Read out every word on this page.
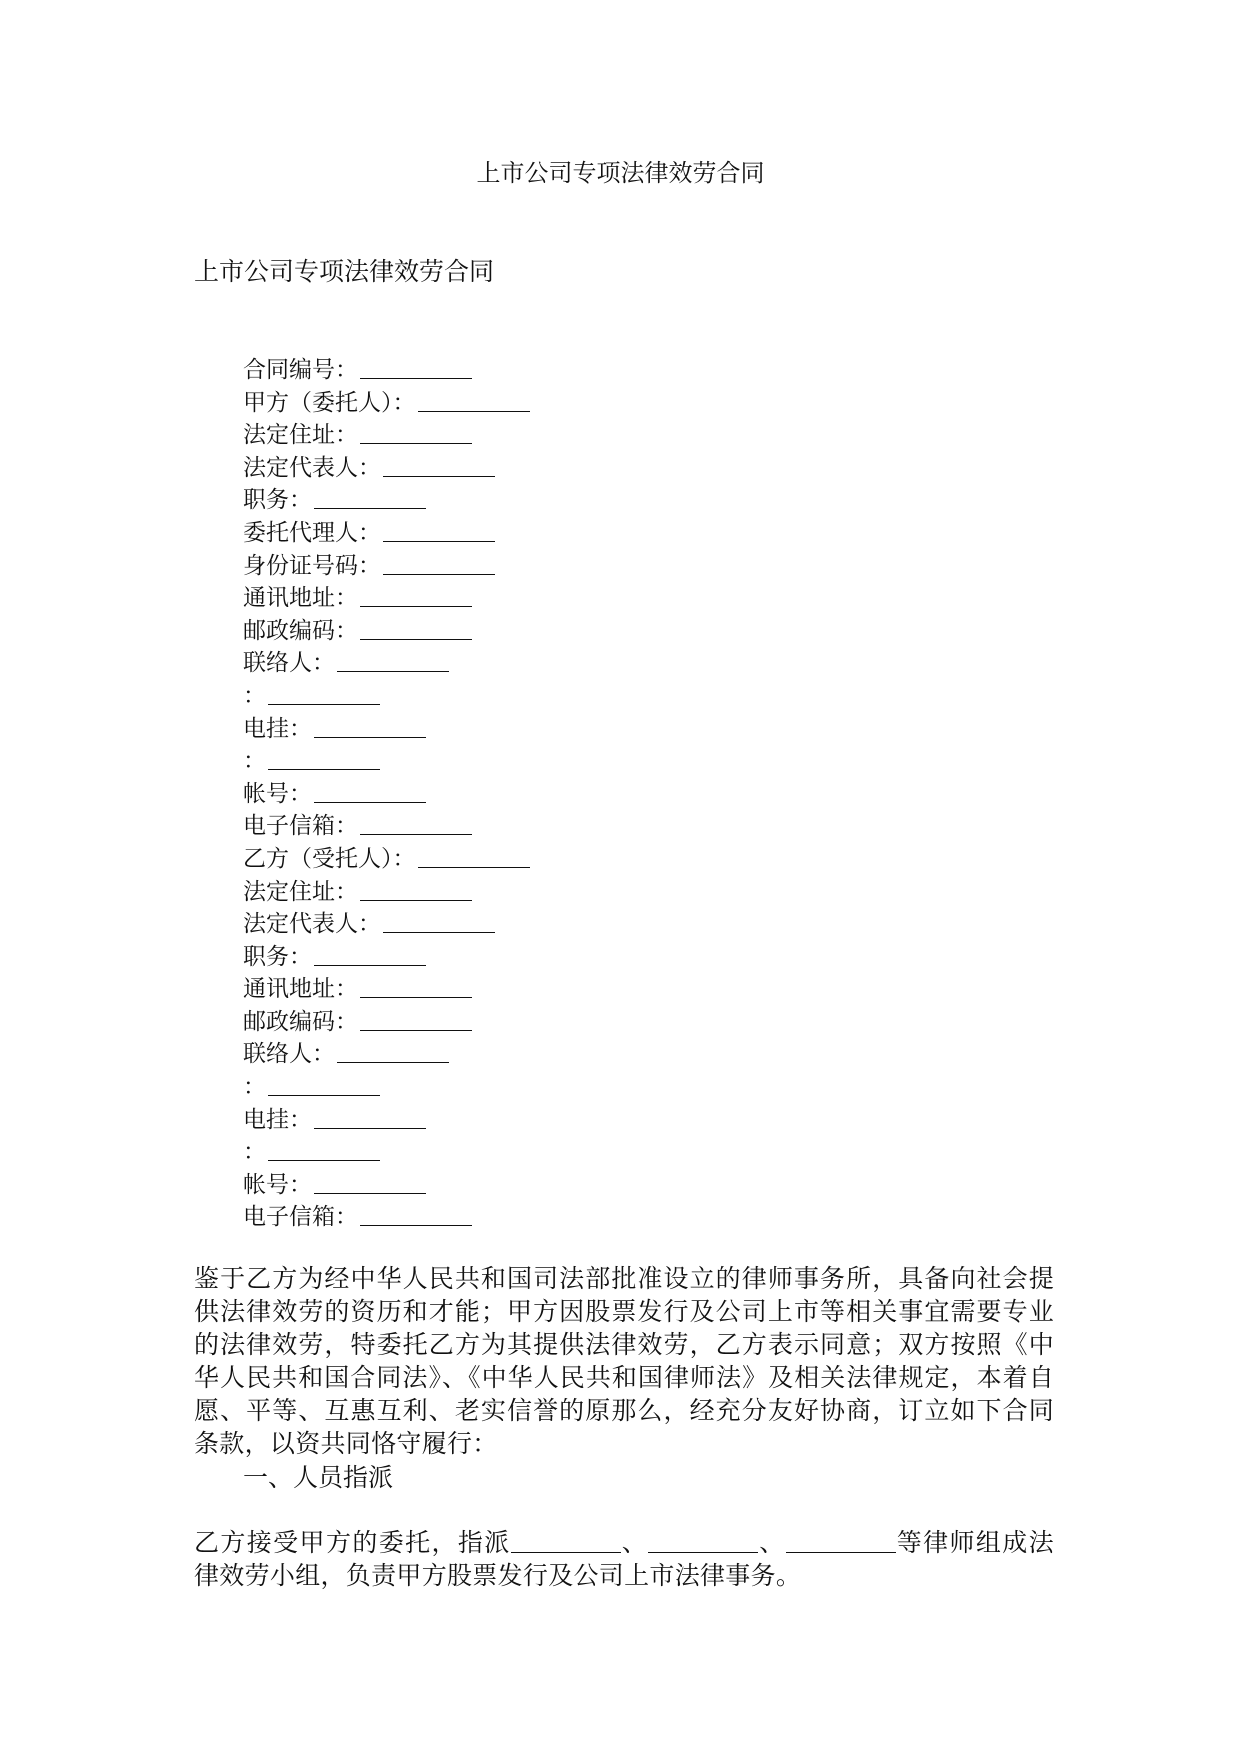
上市公司专项法律效劳合同
上市公司专项法律效劳合同
合同编号：
甲方（委托人）：
法定住址：
法定代表人：
职务：
委托代理人：
身份证号码：
通讯地址：
邮政编码：
联络人：
：
电挂：
：
帐号：
电子信箱：
乙方（受托人）：
法定住址：
法定代表人：
职务：
通讯地址：
邮政编码：
联络人：
：
电挂：
：
帐号：
电子信箱：
鉴于乙方为经中华人民共和国司法部批准设立的律师事务所，具备向社会提供法律效劳的资历和才能；甲方因股票发行及公司上市等相关事宜需要专业的法律效劳，特委托乙方为其提供法律效劳，乙方表示同意；双方按照《中华人民共和国合同法》、《中华人民共和国律师法》及相关法律规定，本着自愿、平等、互惠互利、老实信誉的原那么，经充分友好协商，订立如下合同条款，以资共同恪守履行：
一、人员指派
乙方接受甲方的委托，指派	、	、	等律师组成法律效劳小组，负责甲方股票发行及公司上市法律事务。
